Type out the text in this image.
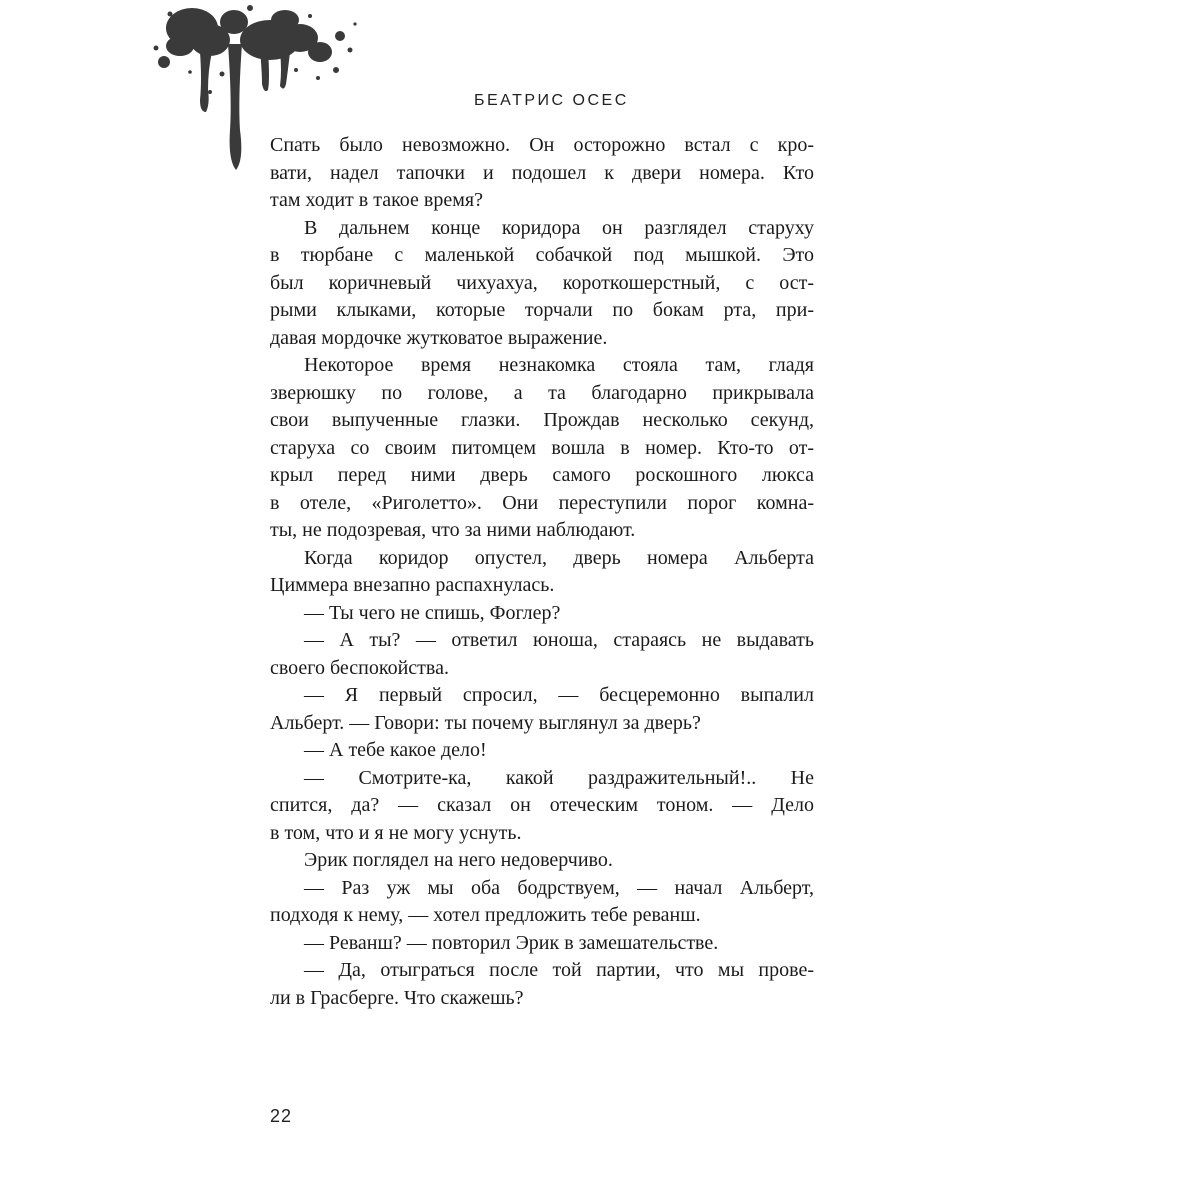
БЕАТРИС ОСЕС
Спать было невозможно. Он осторожно встал с кро-
вати, надел тапочки и подошел к двери номера. Кто
там ходит в такое время?
В дальнем конце коридора он разглядел старуху
в тюрбане с маленькой собачкой под мышкой. Это
был коричневый чихуахуа, короткошерстный, с ост-
рыми клыками, которые торчали по бокам рта, при-
давая мордочке жутковатое выражение.
Некоторое время незнакомка стояла там, гладя
зверюшку по голове, а та благодарно прикрывала
свои выпученные глазки. Прождав несколько секунд,
старуха со своим питомцем вошла в номер. Кто-то от-
крыл перед ними дверь самого роскошного люкса
в отеле, «Риголетто». Они переступили порог комна-
ты, не подозревая, что за ними наблюдают.
Когда коридор опустел, дверь номера Альберта
Циммера внезапно распахнулась.
— Ты чего не спишь, Фоглер?
— А ты? — ответил юноша, стараясь не выдавать
своего беспокойства.
— Я первый спросил, — бесцеремонно выпалил
Альберт. — Говори: ты почему выглянул за дверь?
— А тебе какое дело!
— Смотрите-ка, какой раздражительный!.. Не
спится, да? — сказал он отеческим тоном. — Дело
в том, что и я не могу уснуть.
Эрик поглядел на него недоверчиво.
— Раз уж мы оба бодрствуем, — начал Альберт,
подходя к нему, — хотел предложить тебе реванш.
— Реванш? — повторил Эрик в замешательстве.
— Да, отыграться после той партии, что мы прове-
ли в Грасберге. Что скажешь?
22
